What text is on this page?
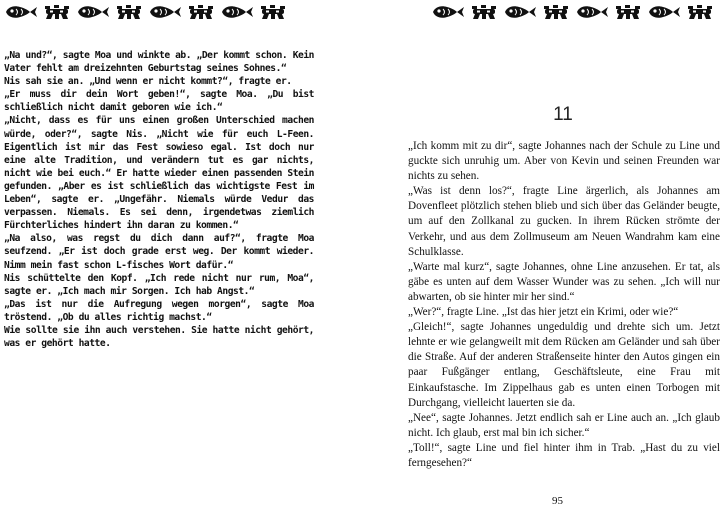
„Na und?“, sagte Moa und winkte ab. „Der kommt schon. Kein Vater fehlt am dreizehnten Geburtstag seines Sohnes.“

Nis sah sie an. „Und wenn er nicht kommt?“, fragte er.

„Er muss dir dein Wort geben!“, sagte Moa. „Du bist schließlich nicht damit geboren wie ich.“

„Nicht, dass es für uns einen großen Unterschied machen würde, oder?“, sagte Nis. „Nicht wie für euch L-Feen. Eigentlich ist mir das Fest sowieso egal. Ist doch nur eine alte Tradition, und verändern tut es gar nichts, nicht wie bei euch.“ Er hatte wieder einen passenden Stein gefunden. „Aber es ist schließlich das wichtigste Fest im Leben“, sagte er. „Ungefähr. Niemals würde Vedur das verpassen. Niemals. Es sei denn, irgendetwas ziemlich Fürchterliches hindert ihn daran zu kommen.“

„Na also, was regst du dich dann auf?“, fragte Moa seufzend. „Er ist doch grade erst weg. Der kommt wieder. Nimm mein fast schon L-fisches Wort dafür.“

Nis schüttelte den Kopf. „Ich rede nicht nur rum, Moa“, sagte er. „Ich mach mir Sorgen. Ich hab Angst.“

„Das ist nur die Aufregung wegen morgen“, sagte Moa tröstend. „Ob du alles richtig machst.“

Wie sollte sie ihn auch verstehen. Sie hatte nicht gehört, was er gehört hatte.

11

„Ich komm mit zu dir“, sagte Johannes nach der Schule zu Line und guckte sich unruhig um. Aber von Kevin und seinen Freunden war nichts zu sehen.

„Was ist denn los?“, fragte Line ärgerlich, als Johannes am Dovenfleet plötzlich stehen blieb und sich über das Geländer beugte, um auf den Zollkanal zu gucken. In ihrem Rücken strömte der Verkehr, und aus dem Zollmuseum am Neuen Wandrahm kam eine Schulklasse.

„Warte mal kurz“, sagte Johannes, ohne Line anzusehen. Er tat, als gäbe es unten auf dem Wasser Wunder was zu sehen. „Ich will nur abwarten, ob sie hinter mir her sind.“

„Wer?“, fragte Line. „Ist das hier jetzt ein Krimi, oder wie?“

„Gleich!“, sagte Johannes ungeduldig und drehte sich um. Jetzt lehnte er wie gelangweilt mit dem Rücken am Geländer und sah über die Straße. Auf der anderen Straßenseite hinter den Autos gingen ein paar Fußgänger entlang, Geschäftsleute, eine Frau mit Einkaufstasche. Im Zippelhaus gab es unten einen Torbogen mit Durchgang, vielleicht lauerten sie da.

„Nee“, sagte Johannes. Jetzt endlich sah er Line auch an. „Ich glaub nicht. Ich glaub, erst mal bin ich sicher.“

„Toll!“, sagte Line und fiel hinter ihm in Trab. „Hast du zu viel ferngesehen?“

95
